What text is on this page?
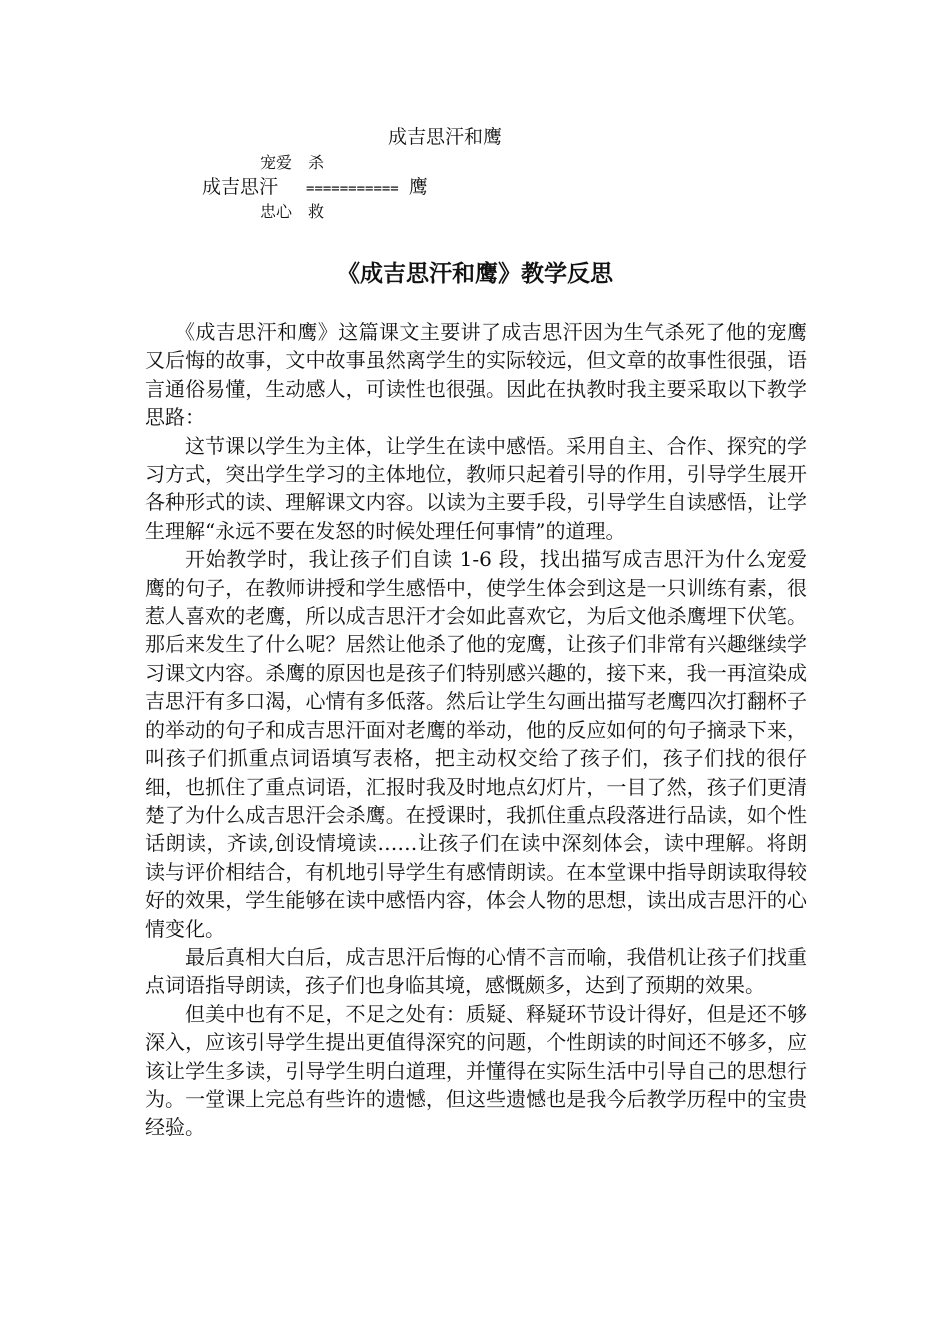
成吉思汗和鹰
宠爱 杀
成吉思汗 =========== 鹰
忠心 救
《成吉思汗和鹰》教学反思

《成吉思汗和鹰》这篇课文主要讲了成吉思汗因为生气杀死了他的宠鹰又后悔的故事，文中故事虽然离学生的实际较远，但文章的故事性很强，语言通俗易懂，生动感人，可读性也很强。因此在执教时我主要采取以下教学思路：

这节课以学生为主体，让学生在读中感悟。采用自主、合作、探究的学习方式，突出学生学习的主体地位，教师只起着引导的作用，引导学生展开各种形式的读、理解课文内容。以读为主要手段，引导学生自读感悟，让学生理解“永远不要在发怒的时候处理任何事情”的道理。

开始教学时，我让孩子们自读 1-6 段，找出描写成吉思汗为什么宠爱鹰的句子，在教师讲授和学生感悟中，使学生体会到这是一只训练有素，很惹人喜欢的老鹰，所以成吉思汗才会如此喜欢它，为后文他杀鹰埋下伏笔。那后来发生了什么呢？居然让他杀了他的宠鹰，让孩子们非常有兴趣继续学习课文内容。杀鹰的原因也是孩子们特别感兴趣的，接下来，我一再渲染成吉思汗有多口渴，心情有多低落。然后让学生勾画出描写老鹰四次打翻杯子的举动的句子和成吉思汗面对老鹰的举动，他的反应如何的句子摘录下来，叫孩子们抓重点词语填写表格，把主动权交给了孩子们，孩子们找的很仔细，也抓住了重点词语，汇报时我及时地点幻灯片，一目了然，孩子们更清楚了为什么成吉思汗会杀鹰。在授课时，我抓住重点段落进行品读，如个性话朗读，齐读,创设情境读……让孩子们在读中深刻体会，读中理解。将朗读与评价相结合，有机地引导学生有感情朗读。在本堂课中指导朗读取得较好的效果，学生能够在读中感悟内容，体会人物的思想，读出成吉思汗的心情变化。

最后真相大白后，成吉思汗后悔的心情不言而喻，我借机让孩子们找重点词语指导朗读，孩子们也身临其境，感慨颇多，达到了预期的效果。

但美中也有不足，不足之处有：质疑、释疑环节设计得好，但是还不够深入，应该引导学生提出更值得深究的问题，个性朗读的时间还不够多，应该让学生多读，引导学生明白道理，并懂得在实际生活中引导自己的思想行为。一堂课上完总有些许的遗憾，但这些遗憾也是我今后教学历程中的宝贵经验。
